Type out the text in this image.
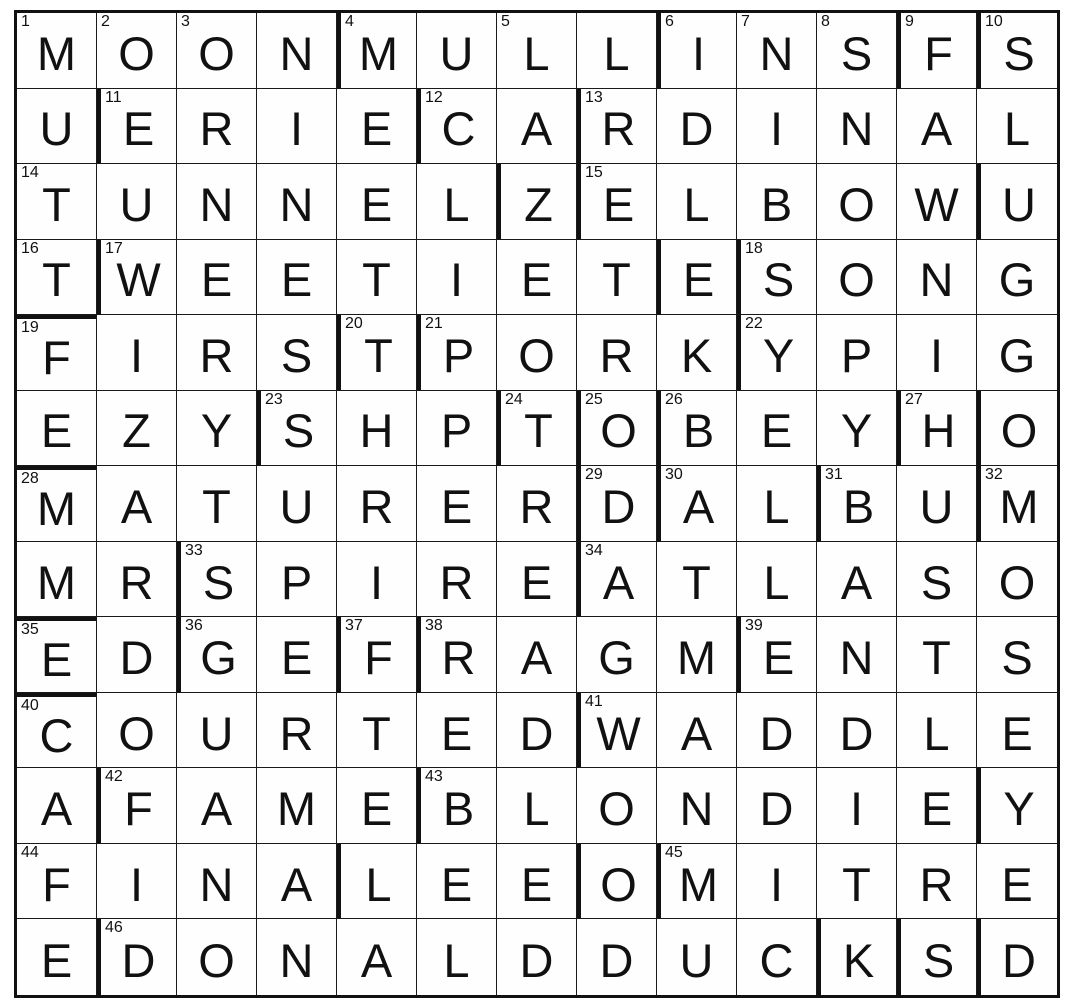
1
M
2
O
3
O N
4
M U
5
L L
6
I
7
N
8
S
9
F
10
S
U
11
E R I E
12
C A
13
R D I N A L
14
T U N N E L Z
15
E L B O W U
16
T
17
W E E T I E T E
18
S O N G
19
F I R S
20
T
21
P O R K
22
Y P I G
E Z Y
23
S H P
24
T
25
O
26
B E Y
27
H O
28
M A T U R E R
29
D
30
A L
31
B U
32
M
M R
33
S P I R E
34
A T L A S O
35
E D
36
G E
37
F
38
R A G M
39
E N T S
40
C O U R T E D
41
W A D D L E
A
42
F A M E
43
B L O N D I E Y
44
F I N A L E E O
45
M I T R E
E
46
D O N A L D D U C K S D
